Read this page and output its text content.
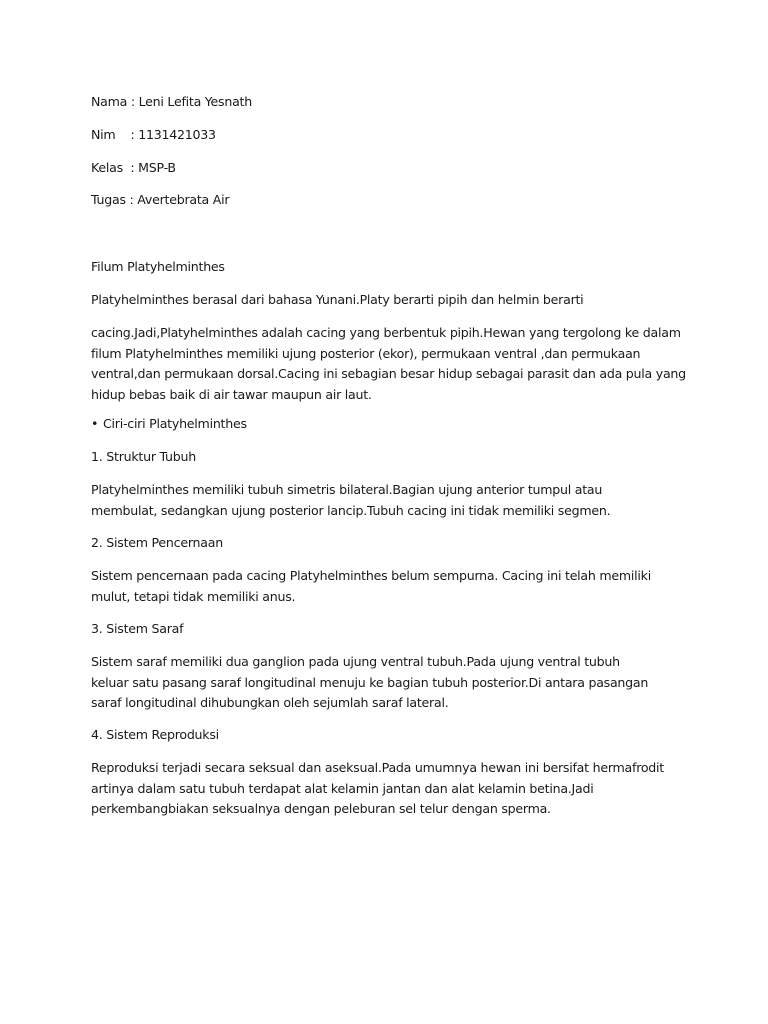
Nama : Leni Lefita Yesnath

Nim    : 1131421033

Kelas  : MSP-B

Tugas : Avertebrata Air

Filum Platyhelminthes

Platyhelminthes berasal dari bahasa Yunani.Platy berarti pipih dan helmin berarti

cacing.Jadi,Platyhelminthes adalah cacing yang berbentuk pipih.Hewan yang tergolong ke dalam filum Platyhelminthes memiliki ujung posterior (ekor), permukaan ventral ,dan permukaan ventral,dan permukaan dorsal.Cacing ini sebagian besar hidup sebagai parasit dan ada pula yang hidup bebas baik di air tawar maupun air laut.

• Ciri-ciri Platyhelminthes

1. Struktur Tubuh

Platyhelminthes memiliki tubuh simetris bilateral.Bagian ujung anterior tumpul atau membulat, sedangkan ujung posterior lancip.Tubuh cacing ini tidak memiliki segmen.

2. Sistem Pencernaan

Sistem pencernaan pada cacing Platyhelminthes belum sempurna. Cacing ini telah memiliki mulut, tetapi tidak memiliki anus.

3. Sistem Saraf

Sistem saraf memiliki dua ganglion pada ujung ventral tubuh.Pada ujung ventral tubuh keluar satu pasang saraf longitudinal menuju ke bagian tubuh posterior.Di antara pasangan saraf longitudinal dihubungkan oleh sejumlah saraf lateral.

4. Sistem Reproduksi

Reproduksi terjadi secara seksual dan aseksual.Pada umumnya hewan ini bersifat hermafrodit artinya dalam satu tubuh terdapat alat kelamin jantan dan alat kelamin betina.Jadi perkembangbiakan seksualnya dengan peleburan sel telur dengan sperma.
